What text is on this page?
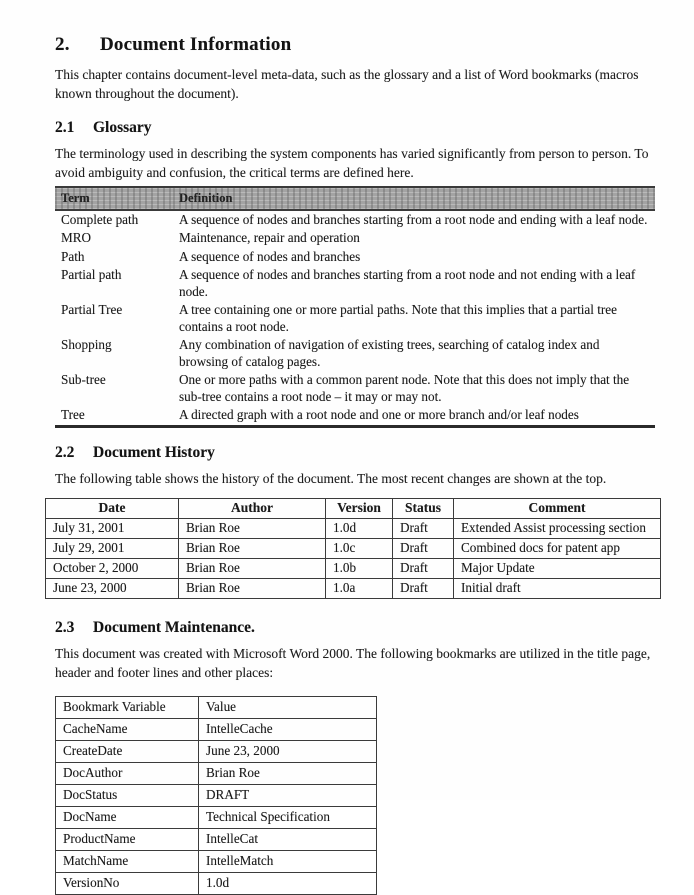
2.	Document Information

This chapter contains document-level meta-data, such as the glossary and a list of Word bookmarks (macros known throughout the document).

2.1	Glossary

The terminology used in describing the system components has varied significantly from person to person. To avoid ambiguity and confusion, the critical terms are defined here.

Term	Definition
Complete path	A sequence of nodes and branches starting from a root node and ending with a leaf node.
MRO	Maintenance, repair and operation
Path	A sequence of nodes and branches
Partial path	A sequence of nodes and branches starting from a root node and not ending with a leaf node.
Partial Tree	A tree containing one or more partial paths. Note that this implies that a partial tree contains a root node.
Shopping	Any combination of navigation of existing trees, searching of catalog index and browsing of catalog pages.
Sub-tree	One or more paths with a common parent node. Note that this does not imply that the sub-tree contains a root node – it may or may not.
Tree	A directed graph with a root node and one or more branch and/or leaf nodes
2.2	Document History

The following table shows the history of the document. The most recent changes are shown at the top.

Date	Author	Version	Status	Comment
July 31, 2001	Brian Roe	1.0d	Draft	Extended Assist processing section
July 29, 2001	Brian Roe	1.0c	Draft	Combined docs for patent app
October 2, 2000	Brian Roe	1.0b	Draft	Major Update
June 23, 2000	Brian Roe	1.0a	Draft	Initial draft
2.3	Document Maintenance.

This document was created with Microsoft Word 2000. The following bookmarks are utilized in the title page, header and footer lines and other places:

Bookmark Variable	Value
CacheName	IntelleCache
CreateDate	June 23, 2000
DocAuthor	Brian Roe
DocStatus	DRAFT
DocName	Technical Specification
ProductName	IntelleCat
MatchName	IntelleMatch
VersionNo	1.0d
